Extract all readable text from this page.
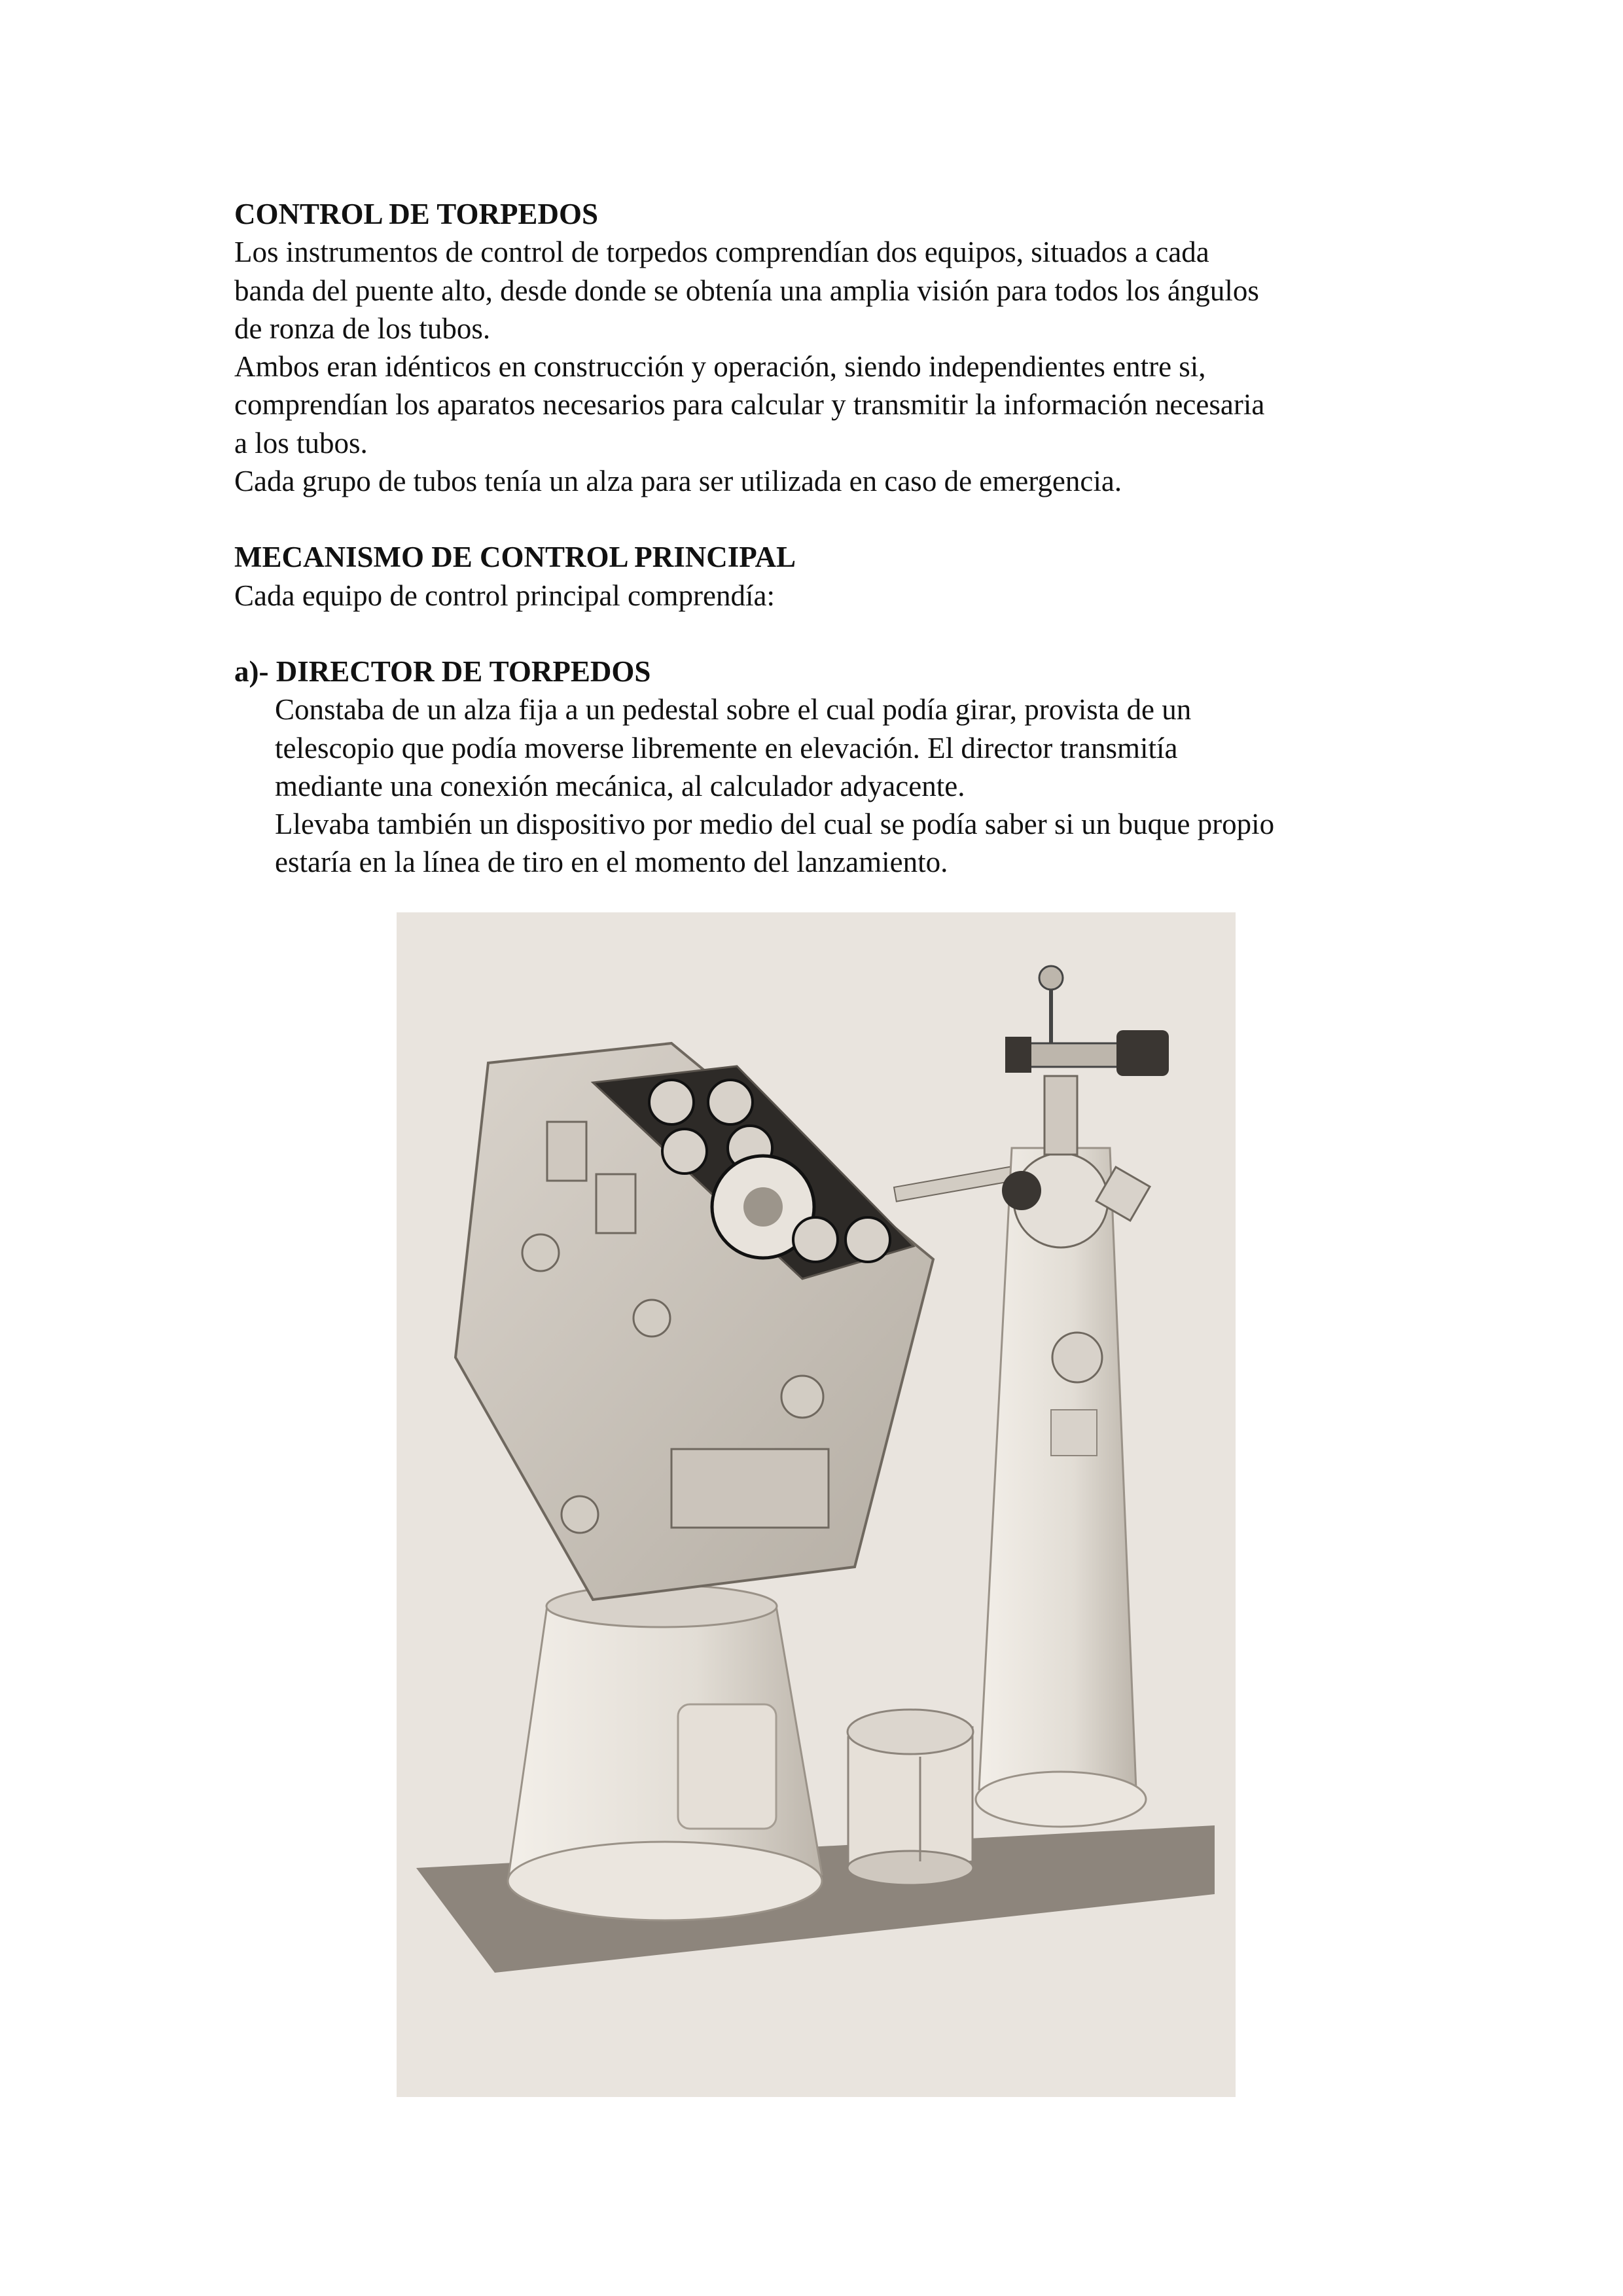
CONTROL DE TORPEDOS

Los instrumentos de control de torpedos comprendían dos equipos, situados a cada

banda del puente alto, desde donde se obtenía una amplia visión para todos los ángulos

de ronza de los tubos.

Ambos eran idénticos en construcción y operación, siendo independientes entre si,

comprendían los aparatos necesarios para calcular y transmitir la información necesaria

a los tubos.

Cada grupo de tubos tenía un alza para ser utilizada en caso de emergencia.

MECANISMO DE CONTROL PRINCIPAL

Cada equipo de control principal comprendía:

a)- DIRECTOR DE TORPEDOS

Constaba de un alza fija a un pedestal sobre el cual podía girar, provista de un

telescopio que podía moverse libremente en elevación. El director transmitía

mediante una conexión mecánica, al calculador adyacente.

Llevaba también un dispositivo por medio del cual se podía saber si un buque propio

estaría en la línea de tiro en el momento del lanzamiento.
